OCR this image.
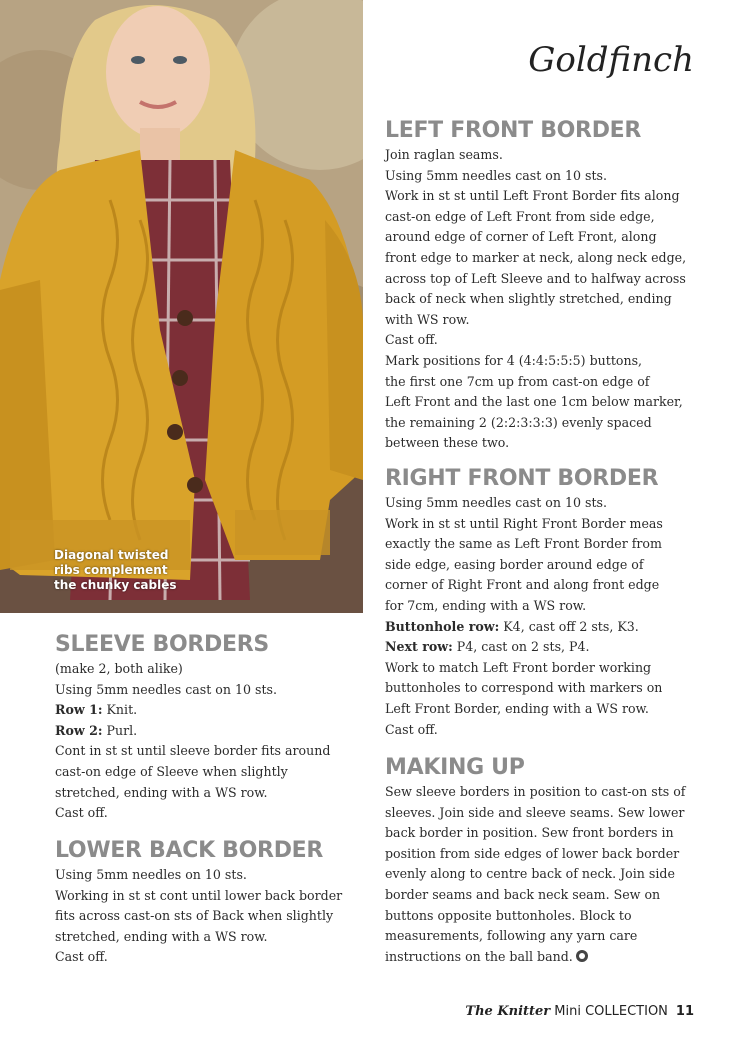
Diagonal twisted
ribs complement
the chunky cables
Goldfinch
LEFT FRONT BORDER
Join raglan seams.
Using 5mm needles cast on 10 sts.
Work in st st until Left Front Border fits along
cast-on edge of Left Front from side edge,
around edge of corner of Left Front, along
front edge to marker at neck, along neck edge,
across top of Left Sleeve and to halfway across
back of neck when slightly stretched, ending
with WS row.
Cast off.
Mark positions for 4 (4:4:5:5:5) buttons,
the first one 7cm up from cast-on edge of
Left Front and the last one 1cm below marker,
the remaining 2 (2:2:3:3:3) evenly spaced
between these two.
RIGHT FRONT BORDER
Using 5mm needles cast on 10 sts.
Work in st st until Right Front Border meas
exactly the same as Left Front Border from
side edge, easing border around edge of
corner of Right Front and along front edge
for 7cm, ending with a WS row.
Buttonhole row: K4, cast off 2 sts, K3.
Next row: P4, cast on 2 sts, P4.
Work to match Left Front border working
buttonholes to correspond with markers on
Left Front Border, ending with a WS row.
Cast off.
MAKING UP
Sew sleeve borders in position to cast-on sts of
sleeves. Join side and sleeve seams. Sew lower
back border in position. Sew front borders in
position from side edges of lower back border
evenly along to centre back of neck. Join side
border seams and back neck seam. Sew on
buttons opposite buttonholes. Block to
measurements, following any yarn care
instructions on the ball band.
SLEEVE BORDERS
(make 2, both alike)
Using 5mm needles cast on 10 sts.
Row 1: Knit.
Row 2: Purl.
Cont in st st until sleeve border fits around
cast-on edge of Sleeve when slightly
stretched, ending with a WS row.
Cast off.
LOWER BACK BORDER
Using 5mm needles on 10 sts.
Working in st st cont until lower back border
fits across cast-on sts of Back when slightly
stretched, ending with a WS row.
Cast off.
The Knitter Mini COLLECTION 11
